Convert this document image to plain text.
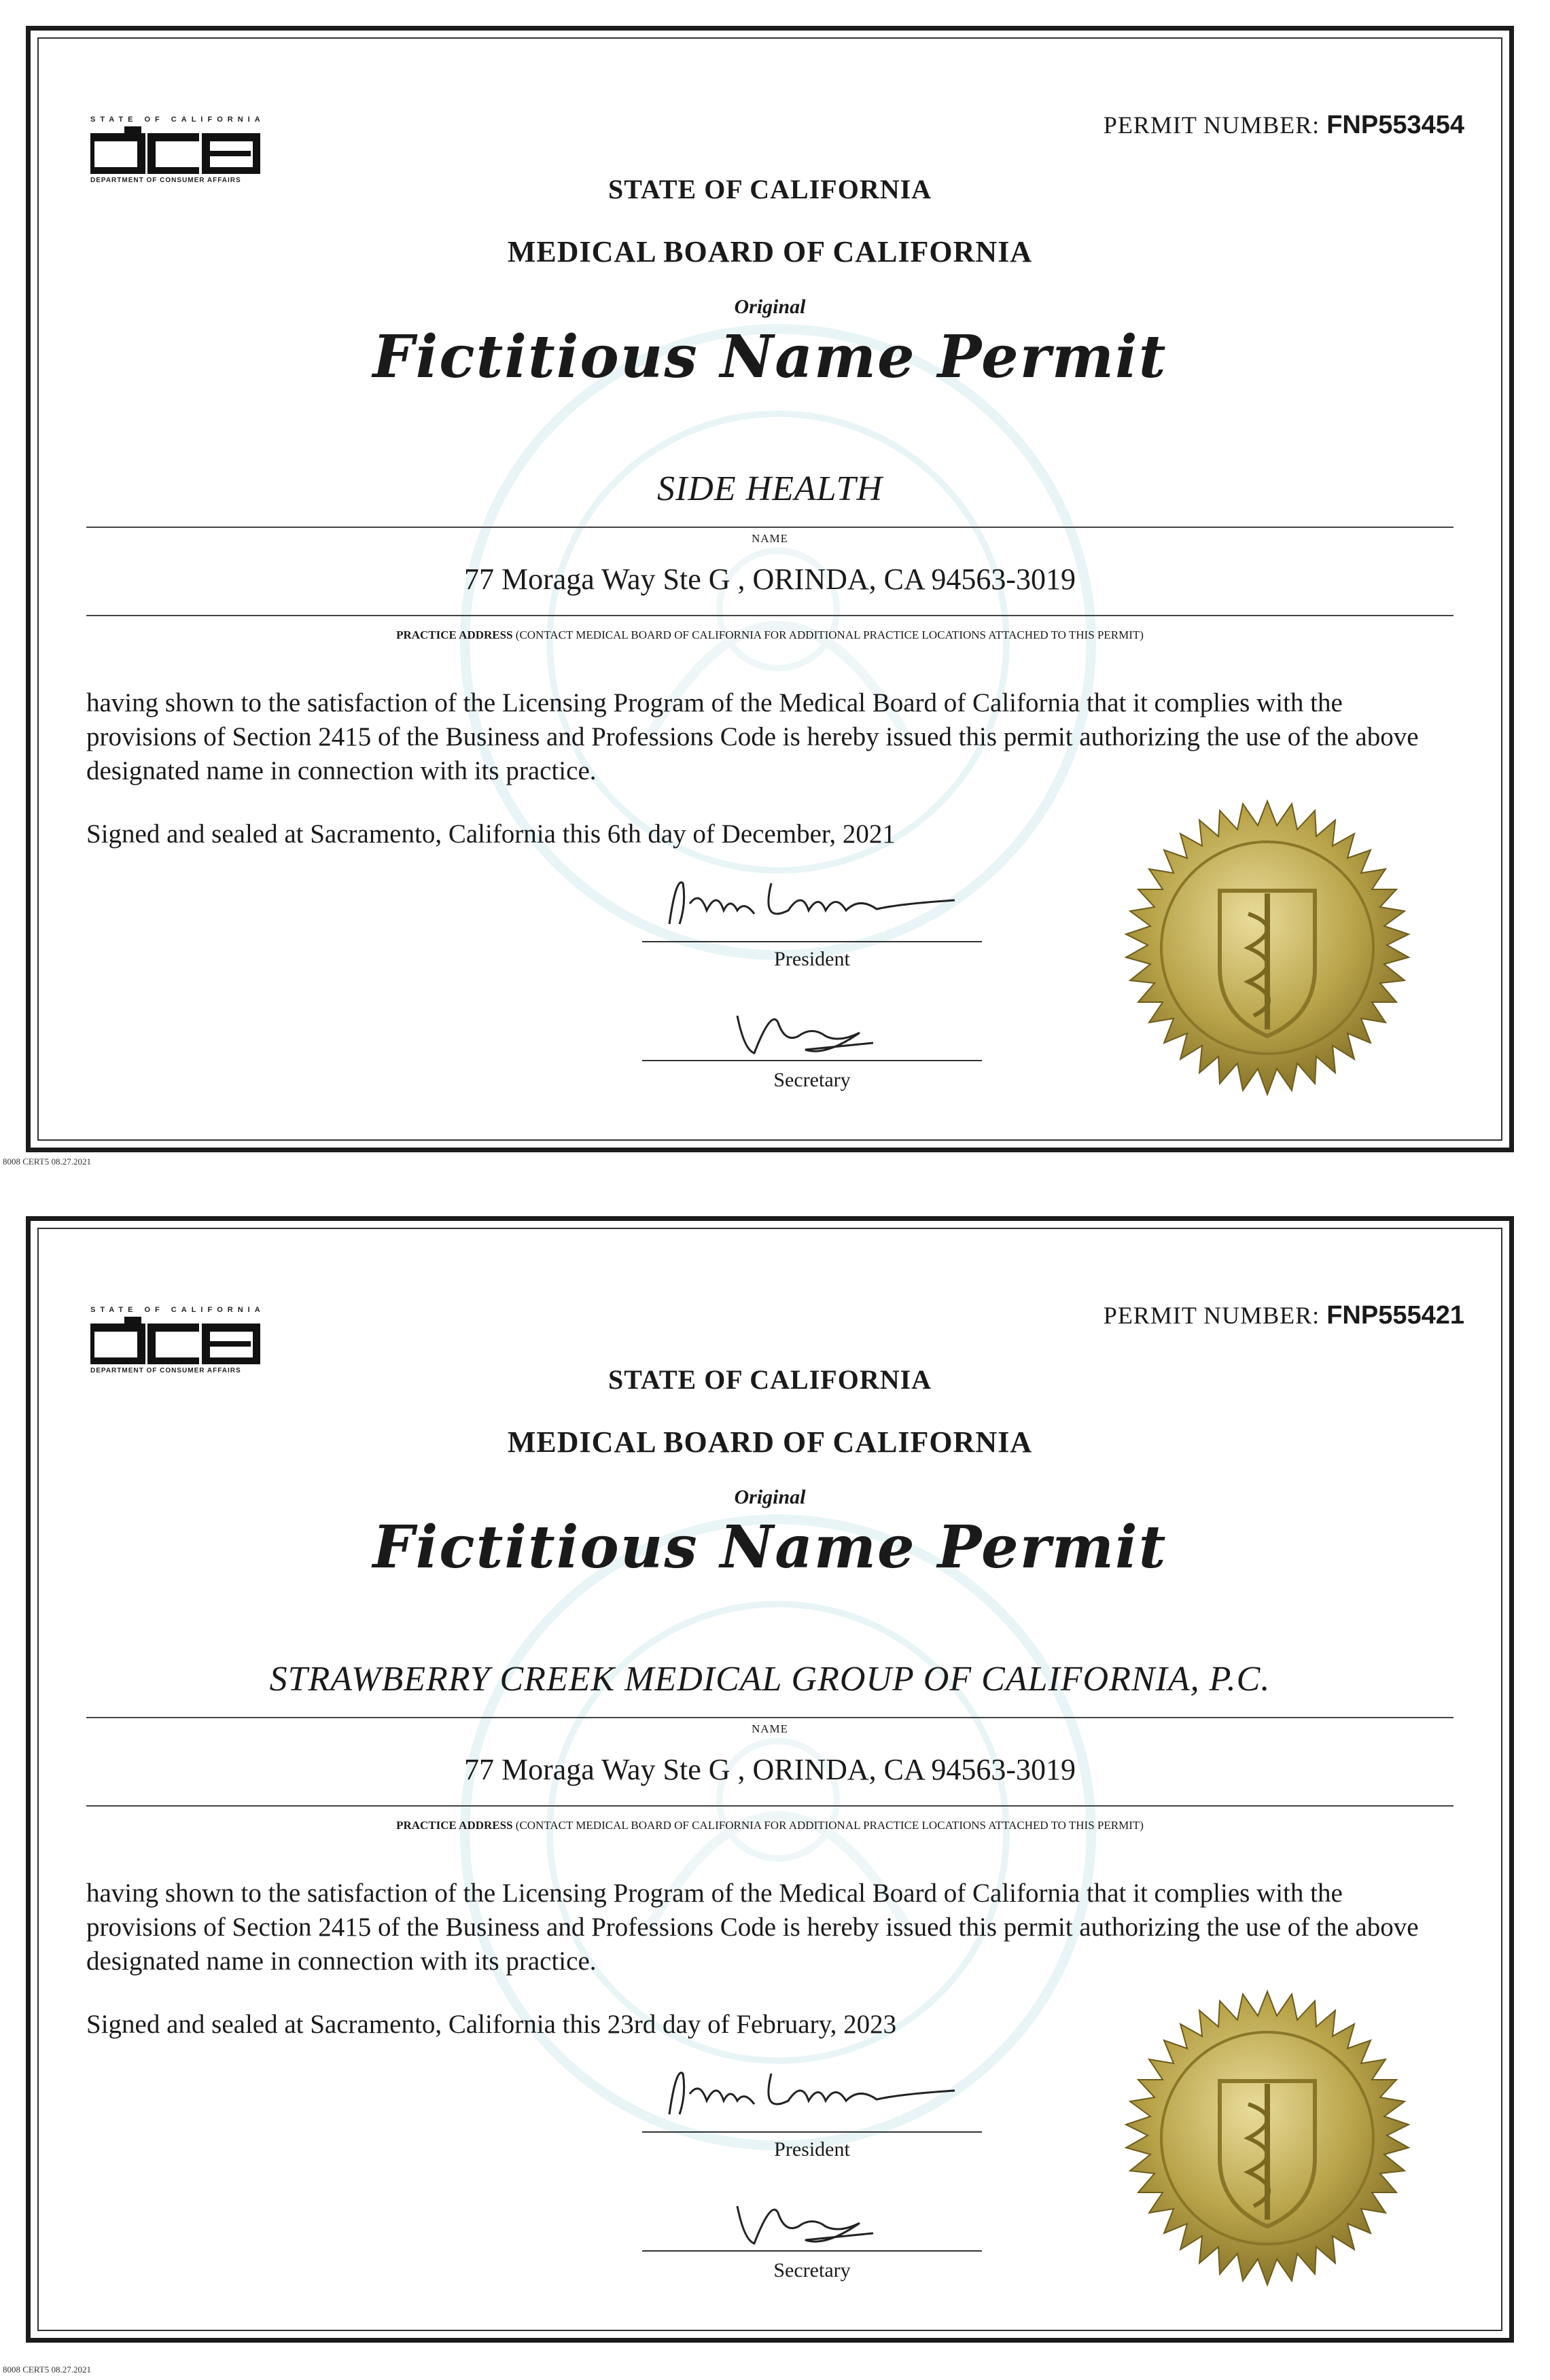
STATE OF CALIFORNIA
DEPARTMENT OF CONSUMER AFFAIRS
PERMIT NUMBER: FNP553454
STATE OF CALIFORNIA
MEDICAL BOARD OF CALIFORNIA
Original
Fictitious Name Permit
SIDE HEALTH
NAME
77 Moraga Way Ste G , ORINDA, CA 94563-3019
PRACTICE ADDRESS (CONTACT MEDICAL BOARD OF CALIFORNIA FOR ADDITIONAL PRACTICE LOCATIONS ATTACHED TO THIS PERMIT)
having shown to the satisfaction of the Licensing Program of the Medical Board of California that it complies with the provisions of Section 2415 of the Business and Professions Code is hereby issued this permit authorizing the use of the above designated name in connection with its practice.
Signed and sealed at Sacramento, California this 6th day of December, 2021
President
Secretary
8008 CERT5 08.27.2021
STATE OF CALIFORNIA
DEPARTMENT OF CONSUMER AFFAIRS
PERMIT NUMBER: FNP555421
STATE OF CALIFORNIA
MEDICAL BOARD OF CALIFORNIA
Original
Fictitious Name Permit
STRAWBERRY CREEK MEDICAL GROUP OF CALIFORNIA, P.C.
NAME
77 Moraga Way Ste G , ORINDA, CA 94563-3019
PRACTICE ADDRESS (CONTACT MEDICAL BOARD OF CALIFORNIA FOR ADDITIONAL PRACTICE LOCATIONS ATTACHED TO THIS PERMIT)
having shown to the satisfaction of the Licensing Program of the Medical Board of California that it complies with the provisions of Section 2415 of the Business and Professions Code is hereby issued this permit authorizing the use of the above designated name in connection with its practice.
Signed and sealed at Sacramento, California this 23rd day of February, 2023
President
Secretary
8008 CERT5 08.27.2021
